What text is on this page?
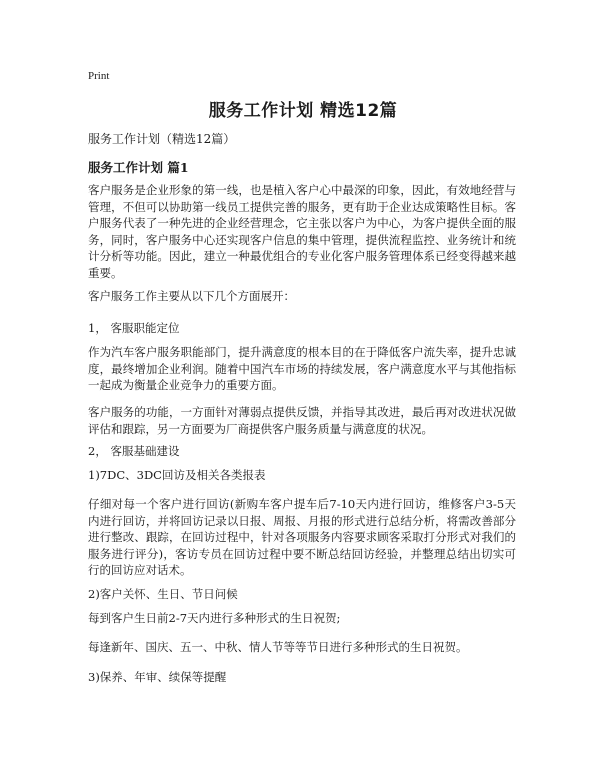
Print
服务工作计划 精选12篇
服务工作计划（精选12篇）
服务工作计划 篇1
客户服务是企业形象的第一线，也是植入客户心中最深的印象，因此，有效地经营与管理，不但可以协助第一线员工提供完善的服务，更有助于企业达成策略性目标。客户服务代表了一种先进的企业经营理念，它主张以客户为中心，为客户提供全面的服务，同时，客户服务中心还实现客户信息的集中管理，提供流程监控、业务统计和统计分析等功能。因此，建立一种最优组合的专业化客户服务管理体系已经变得越来越重要。
客户服务工作主要从以下几个方面展开：
1， 客服职能定位
作为汽车客户服务职能部门，提升满意度的根本目的在于降低客户流失率，提升忠诚度，最终增加企业利润。随着中国汽车市场的持续发展，客户满意度水平与其他指标一起成为衡量企业竞争力的重要方面。
客户服务的功能，一方面针对薄弱点提供反馈，并指导其改进，最后再对改进状况做评估和跟踪，另一方面要为厂商提供客户服务质量与满意度的状况。
2， 客服基础建设
1)7DC、3DC回访及相关各类报表
仔细对每一个客户进行回访(新购车客户提车后7-10天内进行回访，维修客户3-5天内进行回访，并将回访记录以日报、周报、月报的形式进行总结分析，将需改善部分进行整改、跟踪，在回访过程中，针对各项服务内容要求顾客采取打分形式对我们的服务进行评分)，客访专员在回访过程中要不断总结回访经验，并整理总结出切实可行的回访应对话术。
2)客户关怀、生日、节日问候
每到客户生日前2-7天内进行多种形式的生日祝贺;
每逢新年、国庆、五一、中秋、情人节等等节日进行多种形式的生日祝贺。
3)保养、年审、续保等提醒
